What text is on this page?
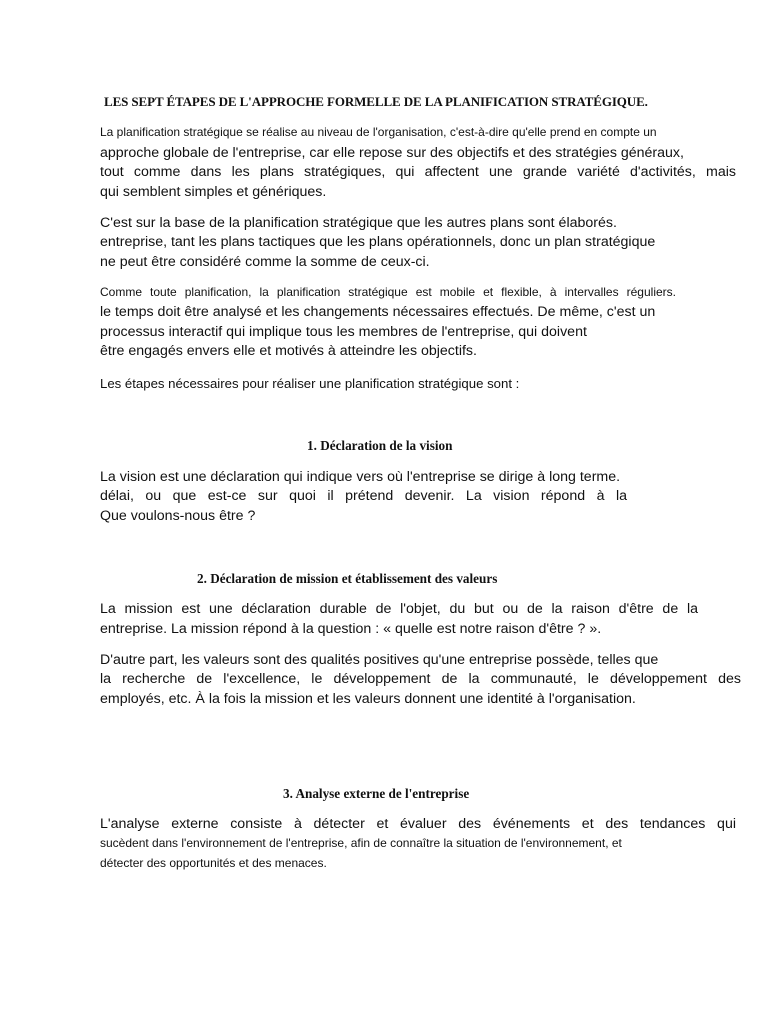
LES SEPT ÉTAPES DE L'APPROCHE FORMELLE DE LA PLANIFICATION STRATÉGIQUE.
La planification stratégique se réalise au niveau de l'organisation, c'est-à-dire qu'elle prend en compte un
approche globale de l'entreprise, car elle repose sur des objectifs et des stratégies généraux,
tout comme dans les plans stratégiques, qui affectent une grande variété d'activités, mais
qui semblent simples et génériques.
C'est sur la base de la planification stratégique que les autres plans sont élaborés.
entreprise, tant les plans tactiques que les plans opérationnels, donc un plan stratégique
ne peut être considéré comme la somme de ceux-ci.
Comme toute planification, la planification stratégique est mobile et flexible, à intervalles réguliers.
le temps doit être analysé et les changements nécessaires effectués. De même, c'est un
processus interactif qui implique tous les membres de l'entreprise, qui doivent
être engagés envers elle et motivés à atteindre les objectifs.
Les étapes nécessaires pour réaliser une planification stratégique sont :
1. Déclaration de la vision
La vision est une déclaration qui indique vers où l'entreprise se dirige à long terme.
délai, ou que est-ce sur quoi il prétend devenir. La vision répond à la
Que voulons-nous être ?
2. Déclaration de mission et établissement des valeurs
La mission est une déclaration durable de l'objet, du but ou de la raison d'être de la
entreprise. La mission répond à la question : « quelle est notre raison d'être ? ».
D'autre part, les valeurs sont des qualités positives qu'une entreprise possède, telles que
la recherche de l'excellence, le développement de la communauté, le développement des
employés, etc. À la fois la mission et les valeurs donnent une identité à l'organisation.
3. Analyse externe de l'entreprise
L'analyse externe consiste à détecter et évaluer des événements et des tendances qui
sucèdent dans l'environnement de l'entreprise, afin de connaître la situation de l'environnement, et
détecter des opportunités et des menaces.
